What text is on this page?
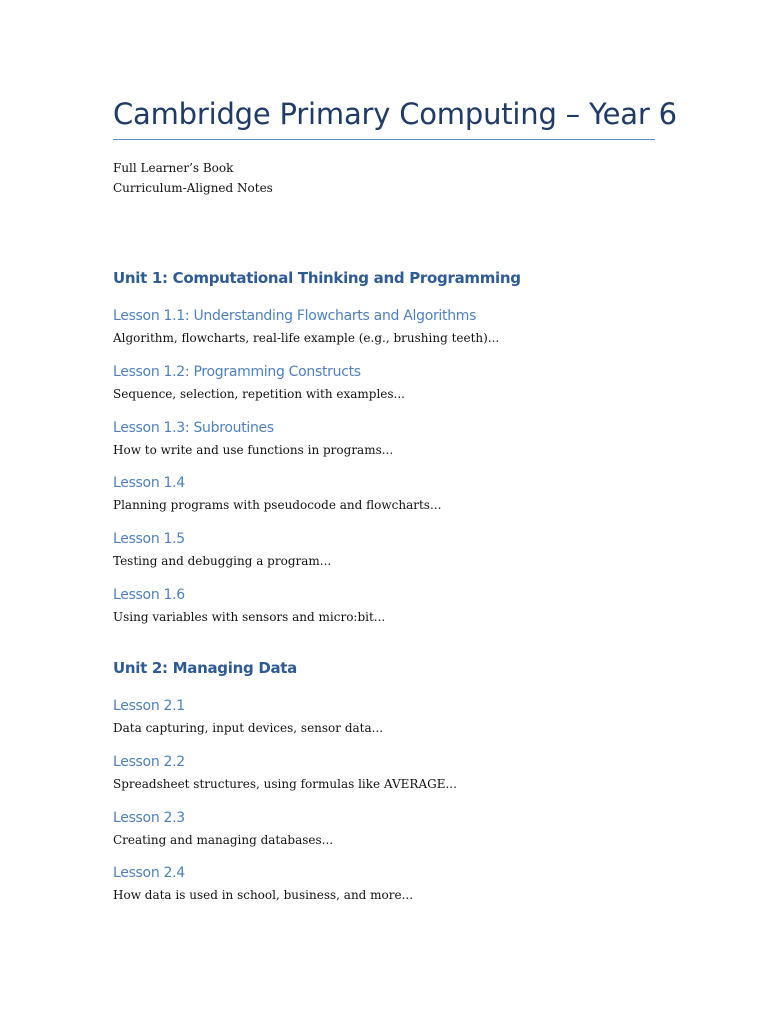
Cambridge Primary Computing – Year 6

Full Learner’s Book

Curriculum-Aligned Notes

Unit 1: Computational Thinking and Programming
Lesson 1.1: Understanding Flowcharts and Algorithms

Algorithm, flowcharts, real-life example (e.g., brushing teeth)...

Lesson 1.2: Programming Constructs

Sequence, selection, repetition with examples...

Lesson 1.3: Subroutines

How to write and use functions in programs...

Lesson 1.4

Planning programs with pseudocode and flowcharts...

Lesson 1.5

Testing and debugging a program...

Lesson 1.6

Using variables with sensors and micro:bit...

Unit 2: Managing Data
Lesson 2.1

Data capturing, input devices, sensor data...

Lesson 2.2

Spreadsheet structures, using formulas like AVERAGE...

Lesson 2.3

Creating and managing databases...

Lesson 2.4

How data is used in school, business, and more...
